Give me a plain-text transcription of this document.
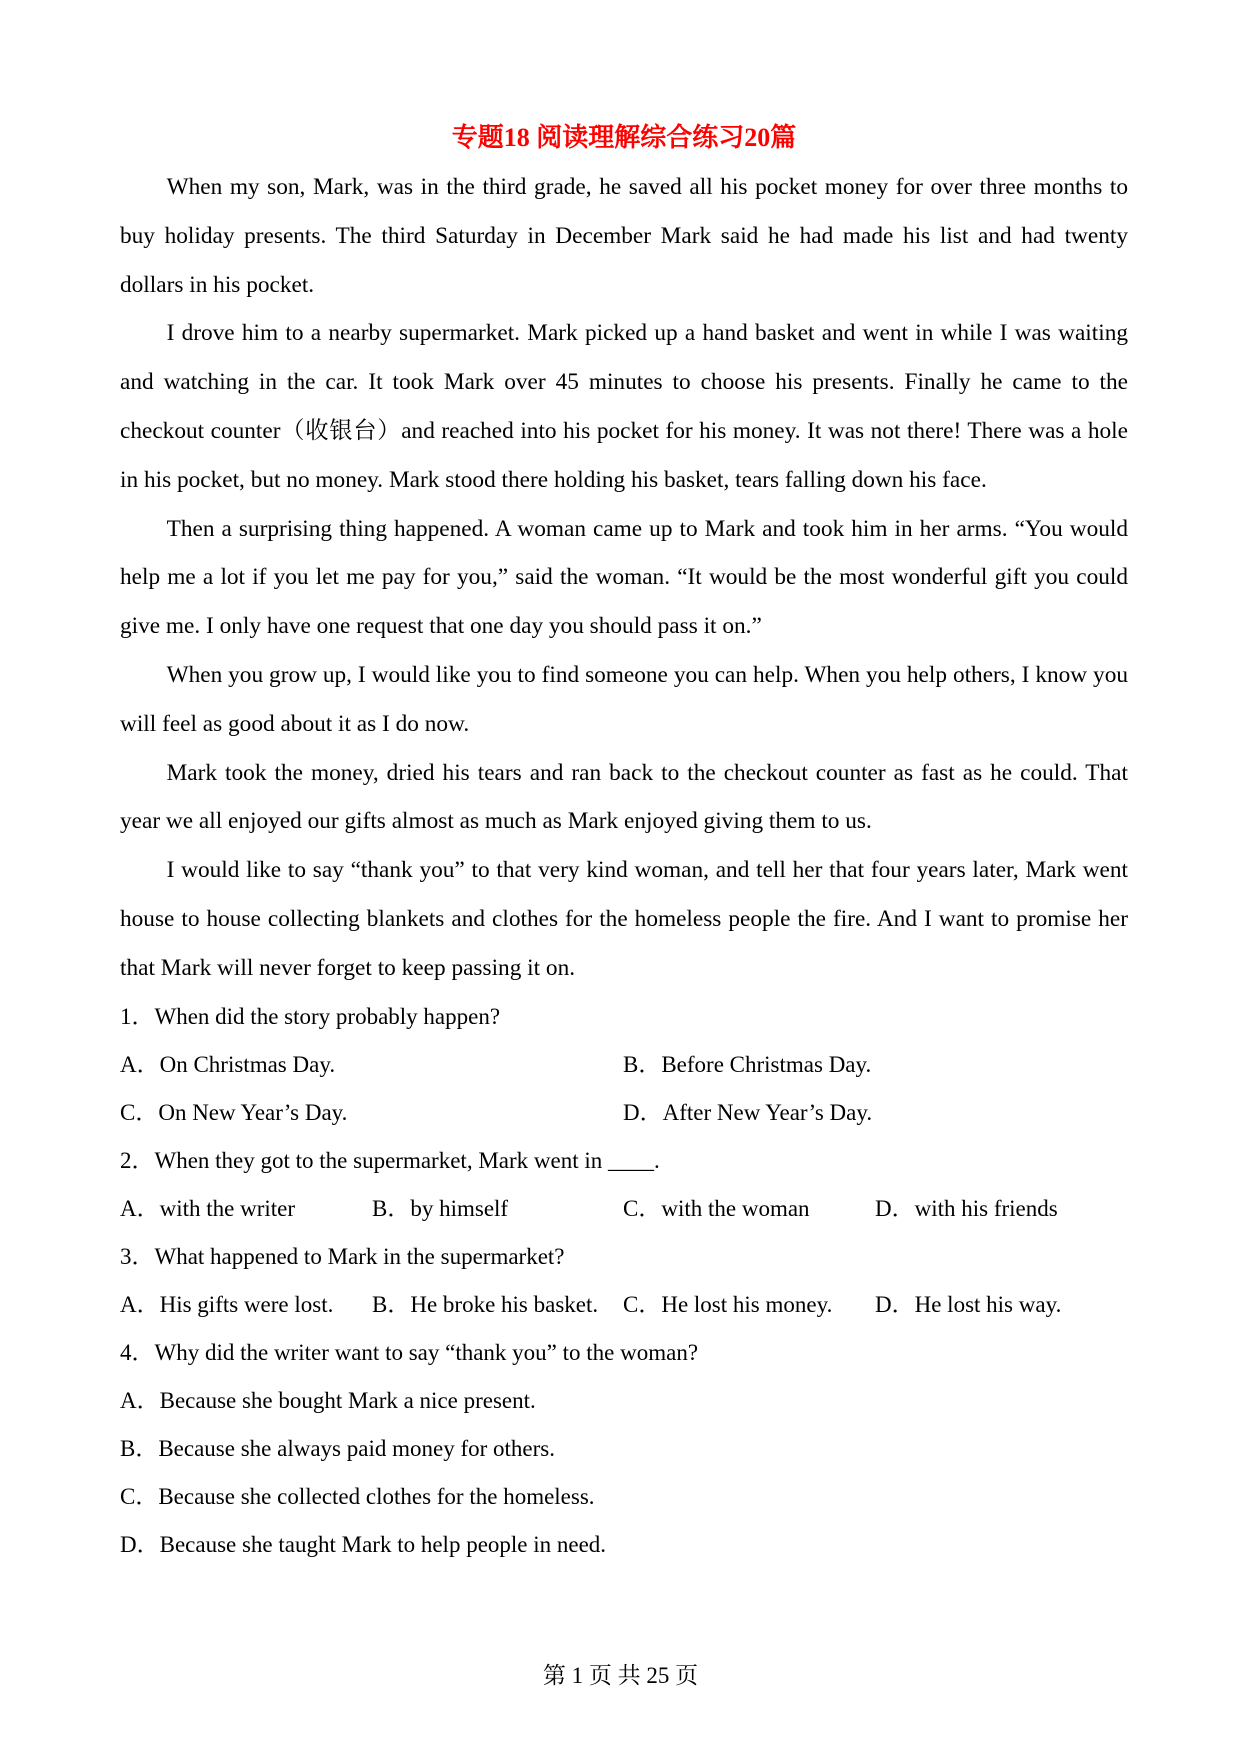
专题18 阅读理解综合练习20篇

When my son, Mark, was in the third grade, he saved all his pocket money for over three months to buy holiday presents. The third Saturday in December Mark said he had made his list and had twenty dollars in his pocket.

I drove him to a nearby supermarket. Mark picked up a hand basket and went in while I was waiting and watching in the car. It took Mark over 45 minutes to choose his presents. Finally he came to the checkout counter（收银台）and reached into his pocket for his money. It was not there! There was a hole in his pocket, but no money. Mark stood there holding his basket, tears falling down his face.

Then a surprising thing happened. A woman came up to Mark and took him in her arms. “You would help me a lot if you let me pay for you,” said the woman. “It would be the most wonderful gift you could give me. I only have one request that one day you should pass it on.”

When you grow up, I would like you to find someone you can help. When you help others, I know you will feel as good about it as I do now.

Mark took the money, dried his tears and ran back to the checkout counter as fast as he could. That year we all enjoyed our gifts almost as much as Mark enjoyed giving them to us.

I would like to say “thank you” to that very kind woman, and tell her that four years later, Mark went house to house collecting blankets and clothes for the homeless people the fire. And I want to promise her that Mark will never forget to keep passing it on.

1．When did the story probably happen?
A．On Christmas Day.	B．Before Christmas Day.
C．On New Year’s Day.	D．After New Year’s Day.
2．When they got to the supermarket, Mark went in ____.
A．with the writer	B．by himself	C．with the woman	D．with his friends
3．What happened to Mark in the supermarket?
A．His gifts were lost. B．He broke his basket. C．He lost his money. D．He lost his way.
4．Why did the writer want to say “thank you” to the woman?
A．Because she bought Mark a nice present.
B．Because she always paid money for others.
C．Because she collected clothes for the homeless.
D．Because she taught Mark to help people in need.
第 1 页 共 25 页
